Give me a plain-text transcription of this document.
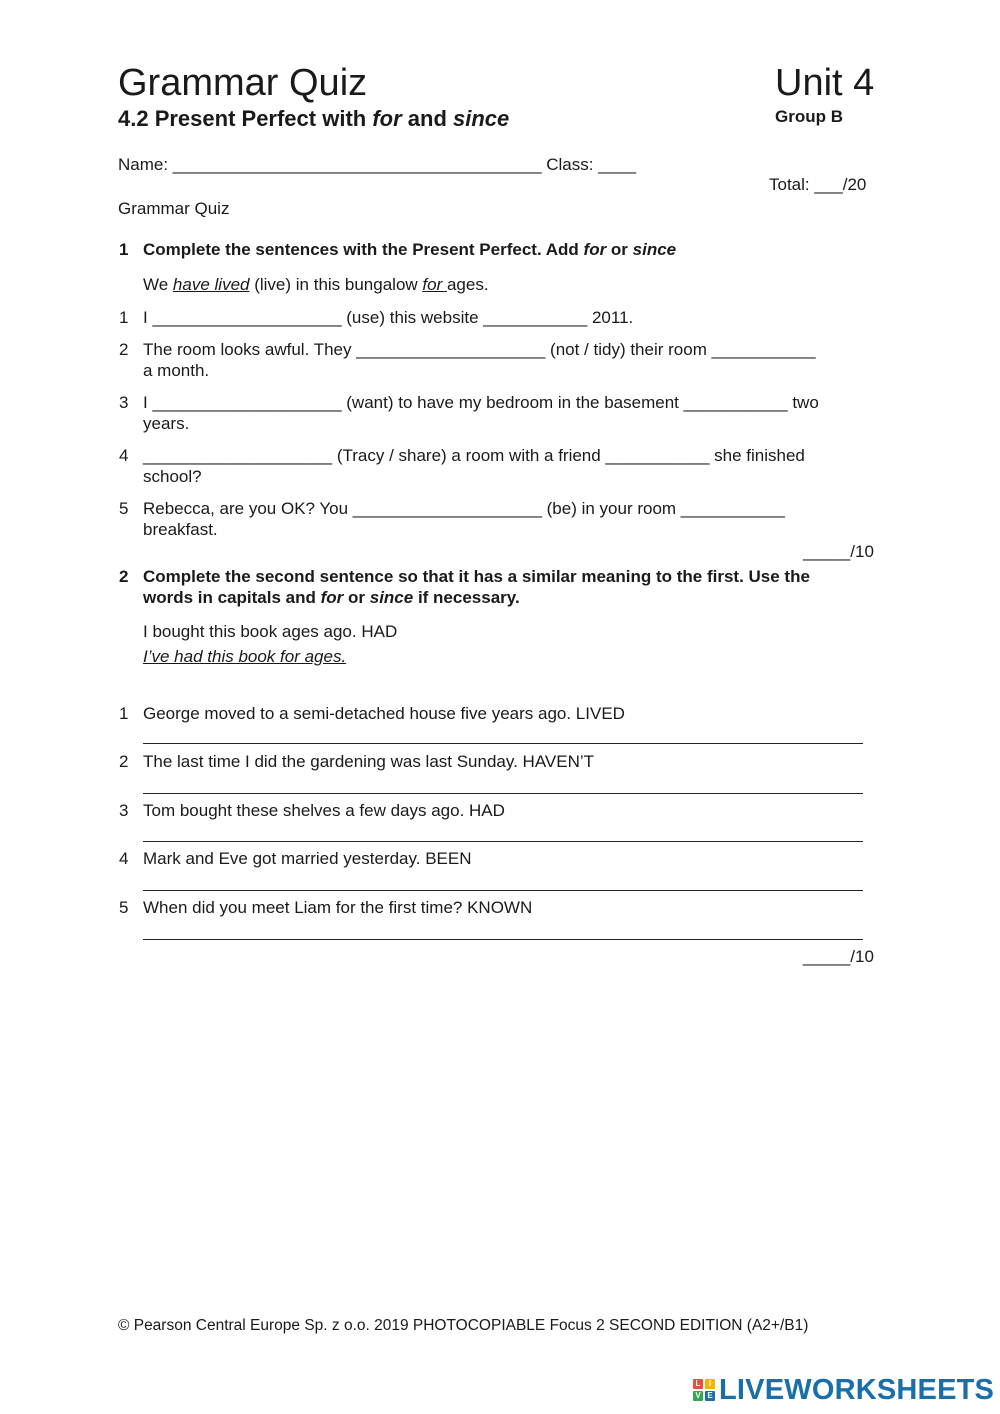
Grammar Quiz	Unit 4
4.2 Present Perfect with for and since	Group B
Name: _______________________________________ Class: ____
Total: ___/20
Grammar Quiz
1 Complete the sentences with the Present Perfect. Add for or since
We have lived (live) in this bungalow for ages.
1 I ____________________ (use) this website ___________ 2011.
2 The room looks awful. They ____________________ (not / tidy) their room ___________
a month.
3 I ____________________ (want) to have my bedroom in the basement ___________ two
years.
4 ____________________ (Tracy / share) a room with a friend ___________ she finished
school?
5 Rebecca, are you OK? You ____________________ (be) in your room ___________
breakfast.
_____/10
2 Complete the second sentence so that it has a similar meaning to the first. Use the
words in capitals and for or since if necessary.
I bought this book ages ago. HAD
I’ve had this book for ages.
1 George moved to a semi-detached house five years ago. LIVED
2 The last time I did the gardening was last Sunday. HAVEN’T
3 Tom bought these shelves a few days ago. HAD
4 Mark and Eve got married yesterday. BEEN
5 When did you meet Liam for the first time? KNOWN
_____/10
© Pearson Central Europe Sp. z o.o. 2019 PHOTOCOPIABLE Focus 2 SECOND EDITION (A2+/B1)
L	I
V E LIVEWORKSHEETS
